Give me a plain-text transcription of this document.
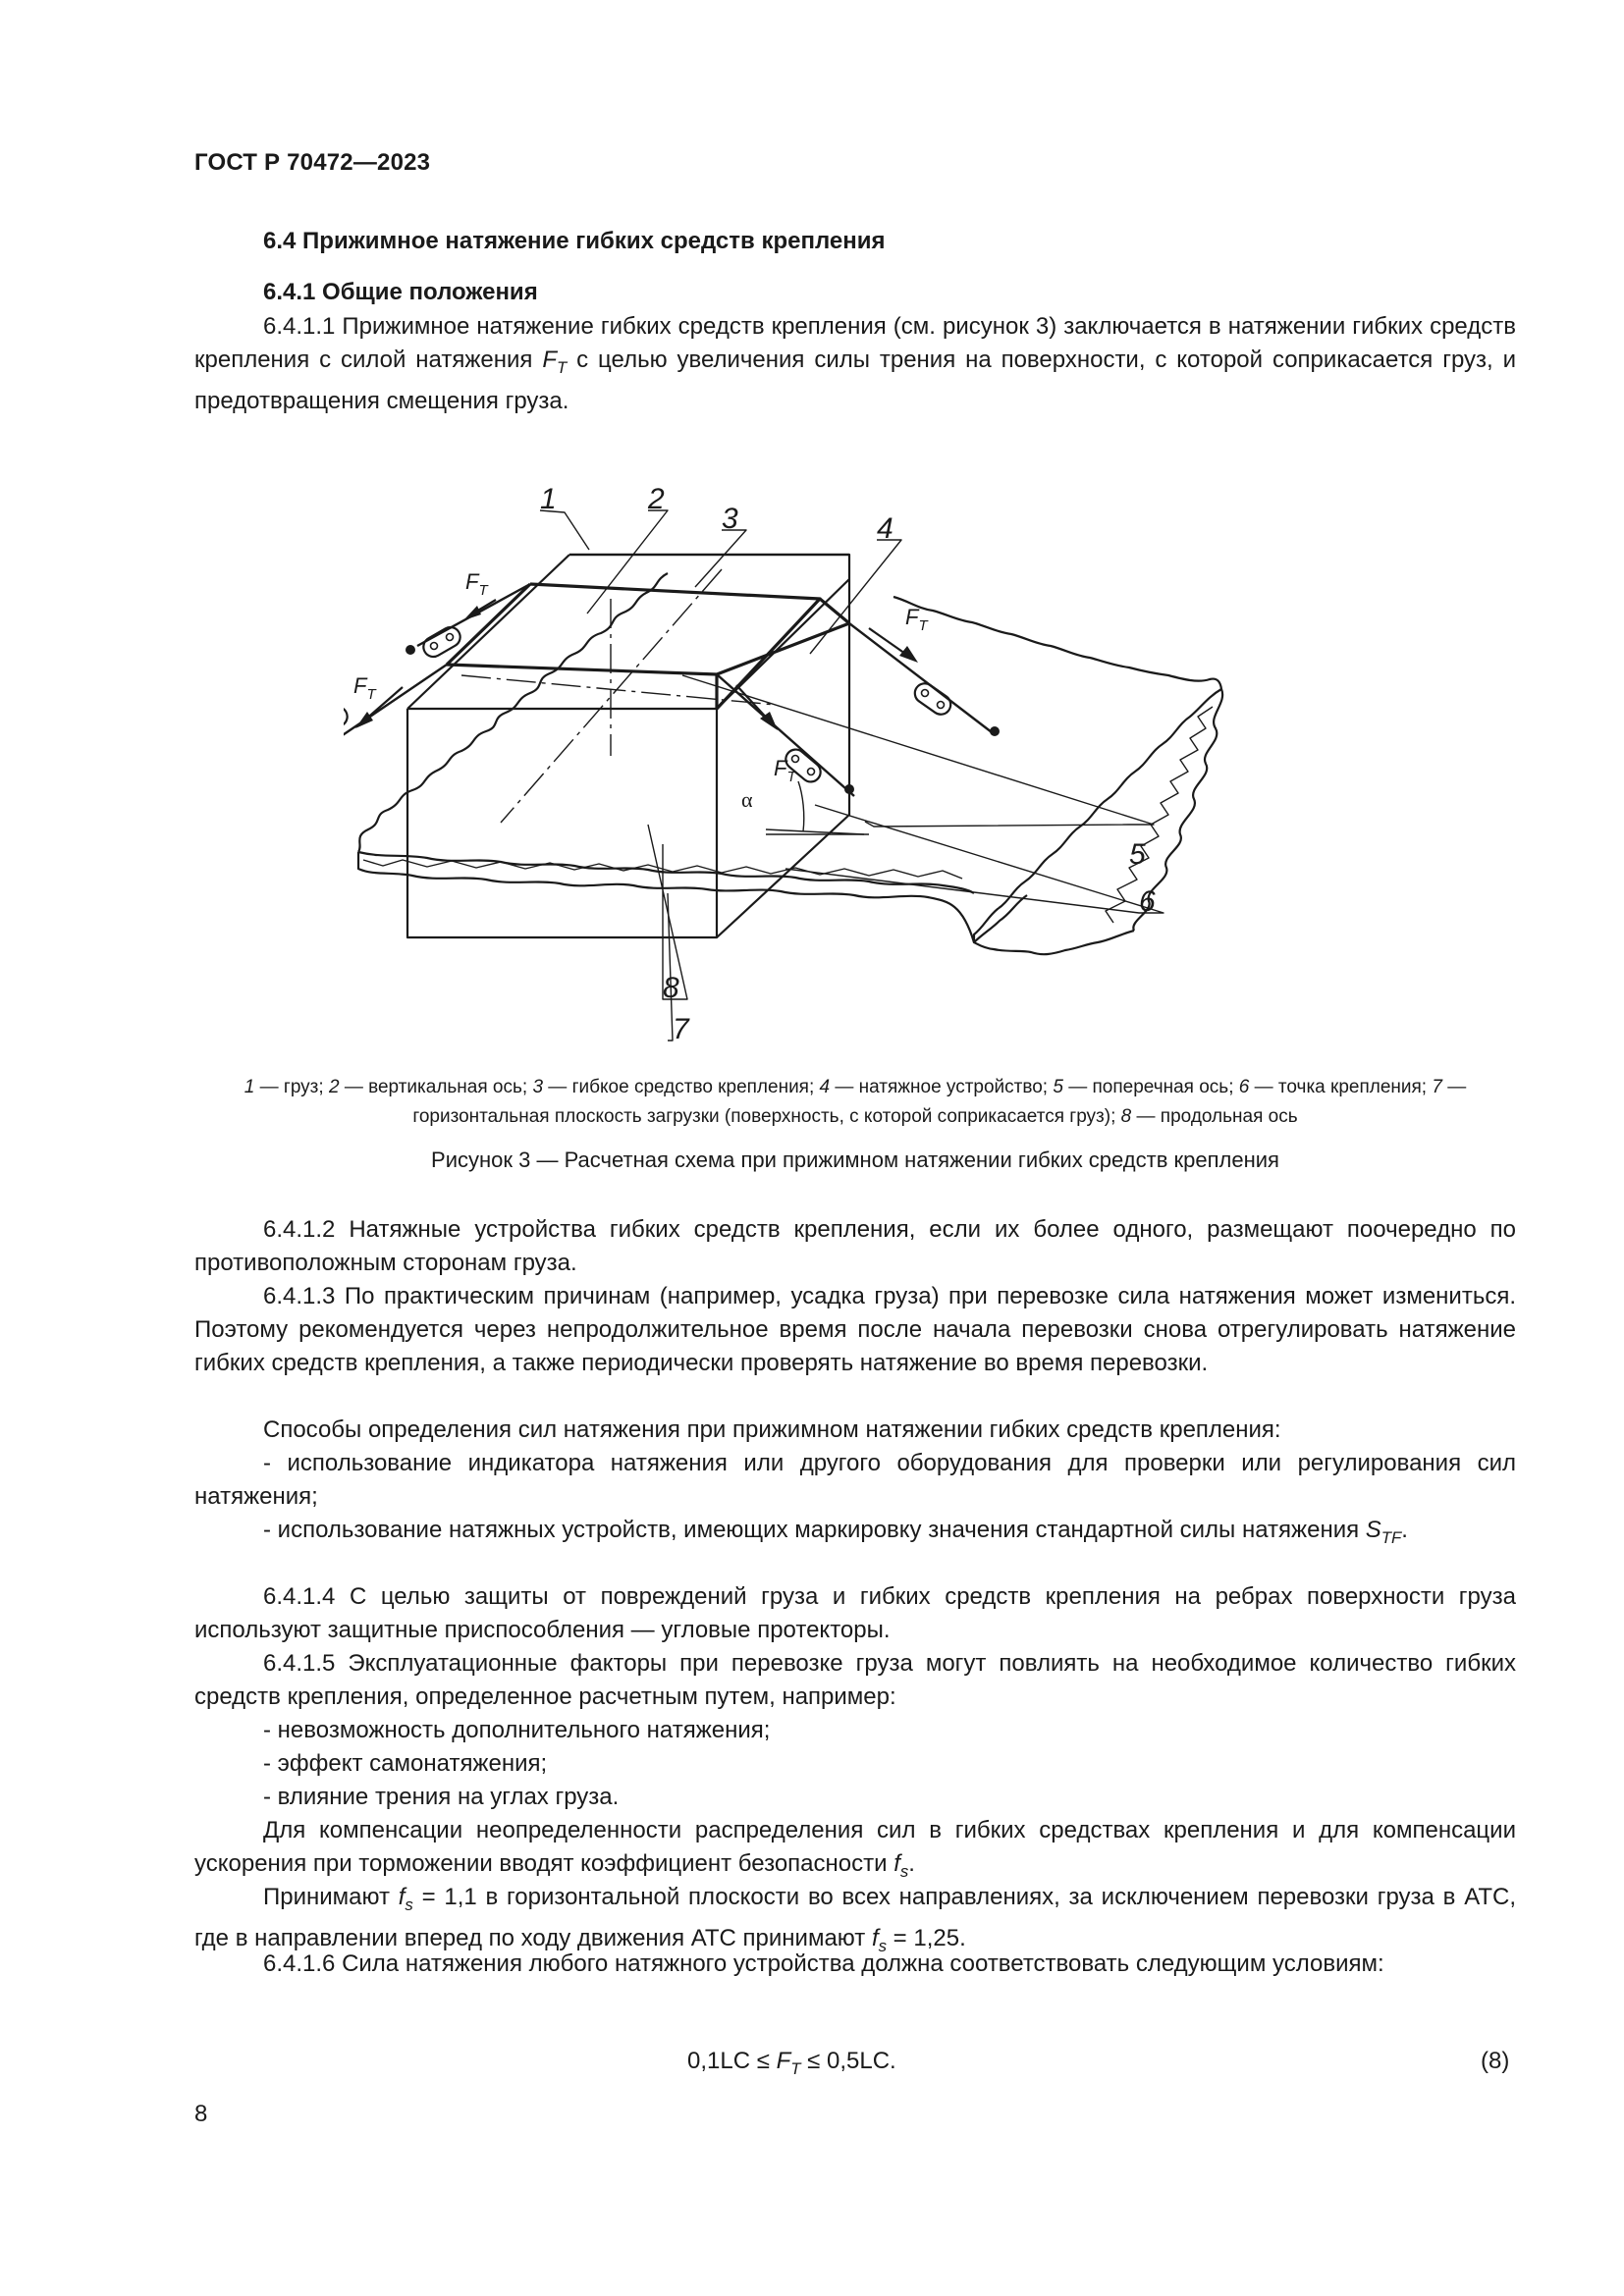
ГОСТ Р 70472—2023
6.4 Прижимное натяжение гибких средств крепления
6.4.1 Общие положения

6.4.1.1 Прижимное натяжение гибких средств крепления (см. рисунок 3) заключается в натяжении гибких средств крепления с силой натяжения $F_T$ с целью увеличения силы трения на поверхности, с которой соприкасается груз, и предотвращения смещения груза.

1	2
3	4
5
6
7
8
$F_T$
$F_T$
$F_T$
$F_T$
α
1 — груз; 2 — вертикальная ось; 3 — гибкое средство крепления; 4 — натяжное устройство; 5 — поперечная ось; 6 — точка крепления; 7 — горизонтальная плоскость загрузки (поверхность, с которой соприкасается груз); 8 — продольная ось
Рисунок 3 — Расчетная схема при прижимном натяжении гибких средств крепления

6.4.1.2 Натяжные устройства гибких средств крепления, если их более одного, размещают поочередно по противоположным сторонам груза.

6.4.1.3 По практическим причинам (например, усадка груза) при перевозке сила натяжения может измениться. Поэтому рекомендуется через непродолжительное время после начала перевозки снова отрегулировать натяжение гибких средств крепления, а также периодически проверять натяжение во время перевозки.

Способы определения сил натяжения при прижимном натяжении гибких средств крепления:

- использование индикатора натяжения или другого оборудования для проверки или регулирования сил натяжения;

- использование натяжных устройств, имеющих маркировку значения стандартной силы натяжения $S_{TF}$.

6.4.1.4 С целью защиты от повреждений груза и гибких средств крепления на ребрах поверхности груза используют защитные приспособления — угловые протекторы.

6.4.1.5 Эксплуатационные факторы при перевозке груза могут повлиять на необходимое количество гибких средств крепления, определенное расчетным путем, например:

- невозможность дополнительного натяжения;

- эффект самонатяжения;

- влияние трения на углах груза.

Для компенсации неопределенности распределения сил в гибких средствах крепления и для компенсации ускорения при торможении вводят коэффициент безопасности $f_s$.

Принимают $f_s = 1,1$ в горизонтальной плоскости во всех направлениях, за исключением перевозки груза в АТС, где в направлении вперед по ходу движения АТС принимают $f_s = 1,25$.

6.4.1.6 Сила натяжения любого натяжного устройства должна соответствовать следующим условиям:

$0,1LC \le F_T \le 0,5LC$.	(8)
8
